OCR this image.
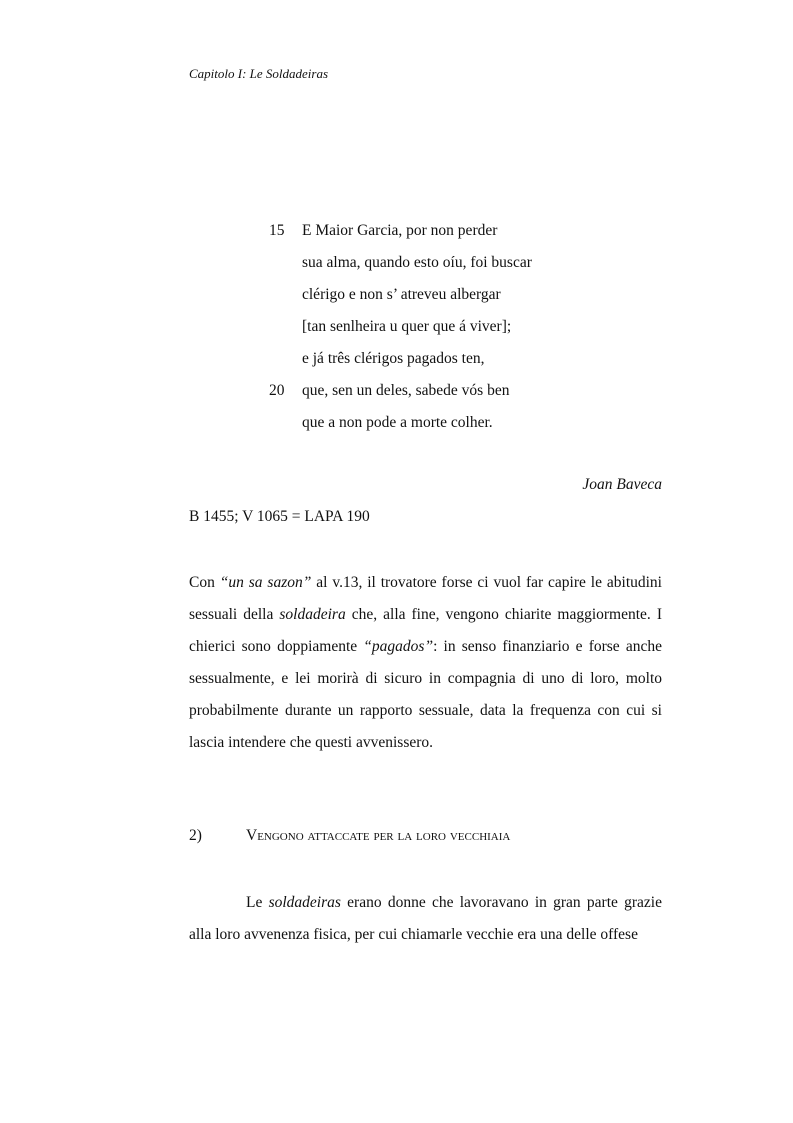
Capitolo I: Le Soldadeiras
15	E Maior Garcia, por non perder
sua alma, quando esto oíu, foi buscar
clérigo e non s’ atreveu albergar
[tan senlheira u quer que á viver];
e já três clérigos pagados ten,
20	que, sen un deles, sabede vós ben
que a non pode a morte colher.
Joan Baveca
B 1455; V 1065 = LAPA 190

Con “un sa sazon” al v.13, il trovatore forse ci vuol far capire le abitudini sessuali della soldadeira che, alla fine, vengono chiarite maggiormente. I chierici sono doppiamente “pagados”: in senso finanziario e forse anche sessualmente, e lei morirà di sicuro in compagnia di uno di loro, molto probabilmente durante un rapporto sessuale, data la frequenza con cui si lascia intendere che questi avvenissero.

2)	Vengono attaccate per la loro vecchiaia

Le soldadeiras erano donne che lavoravano in gran parte grazie alla loro avvenenza fisica, per cui chiamarle vecchie era una delle offese
